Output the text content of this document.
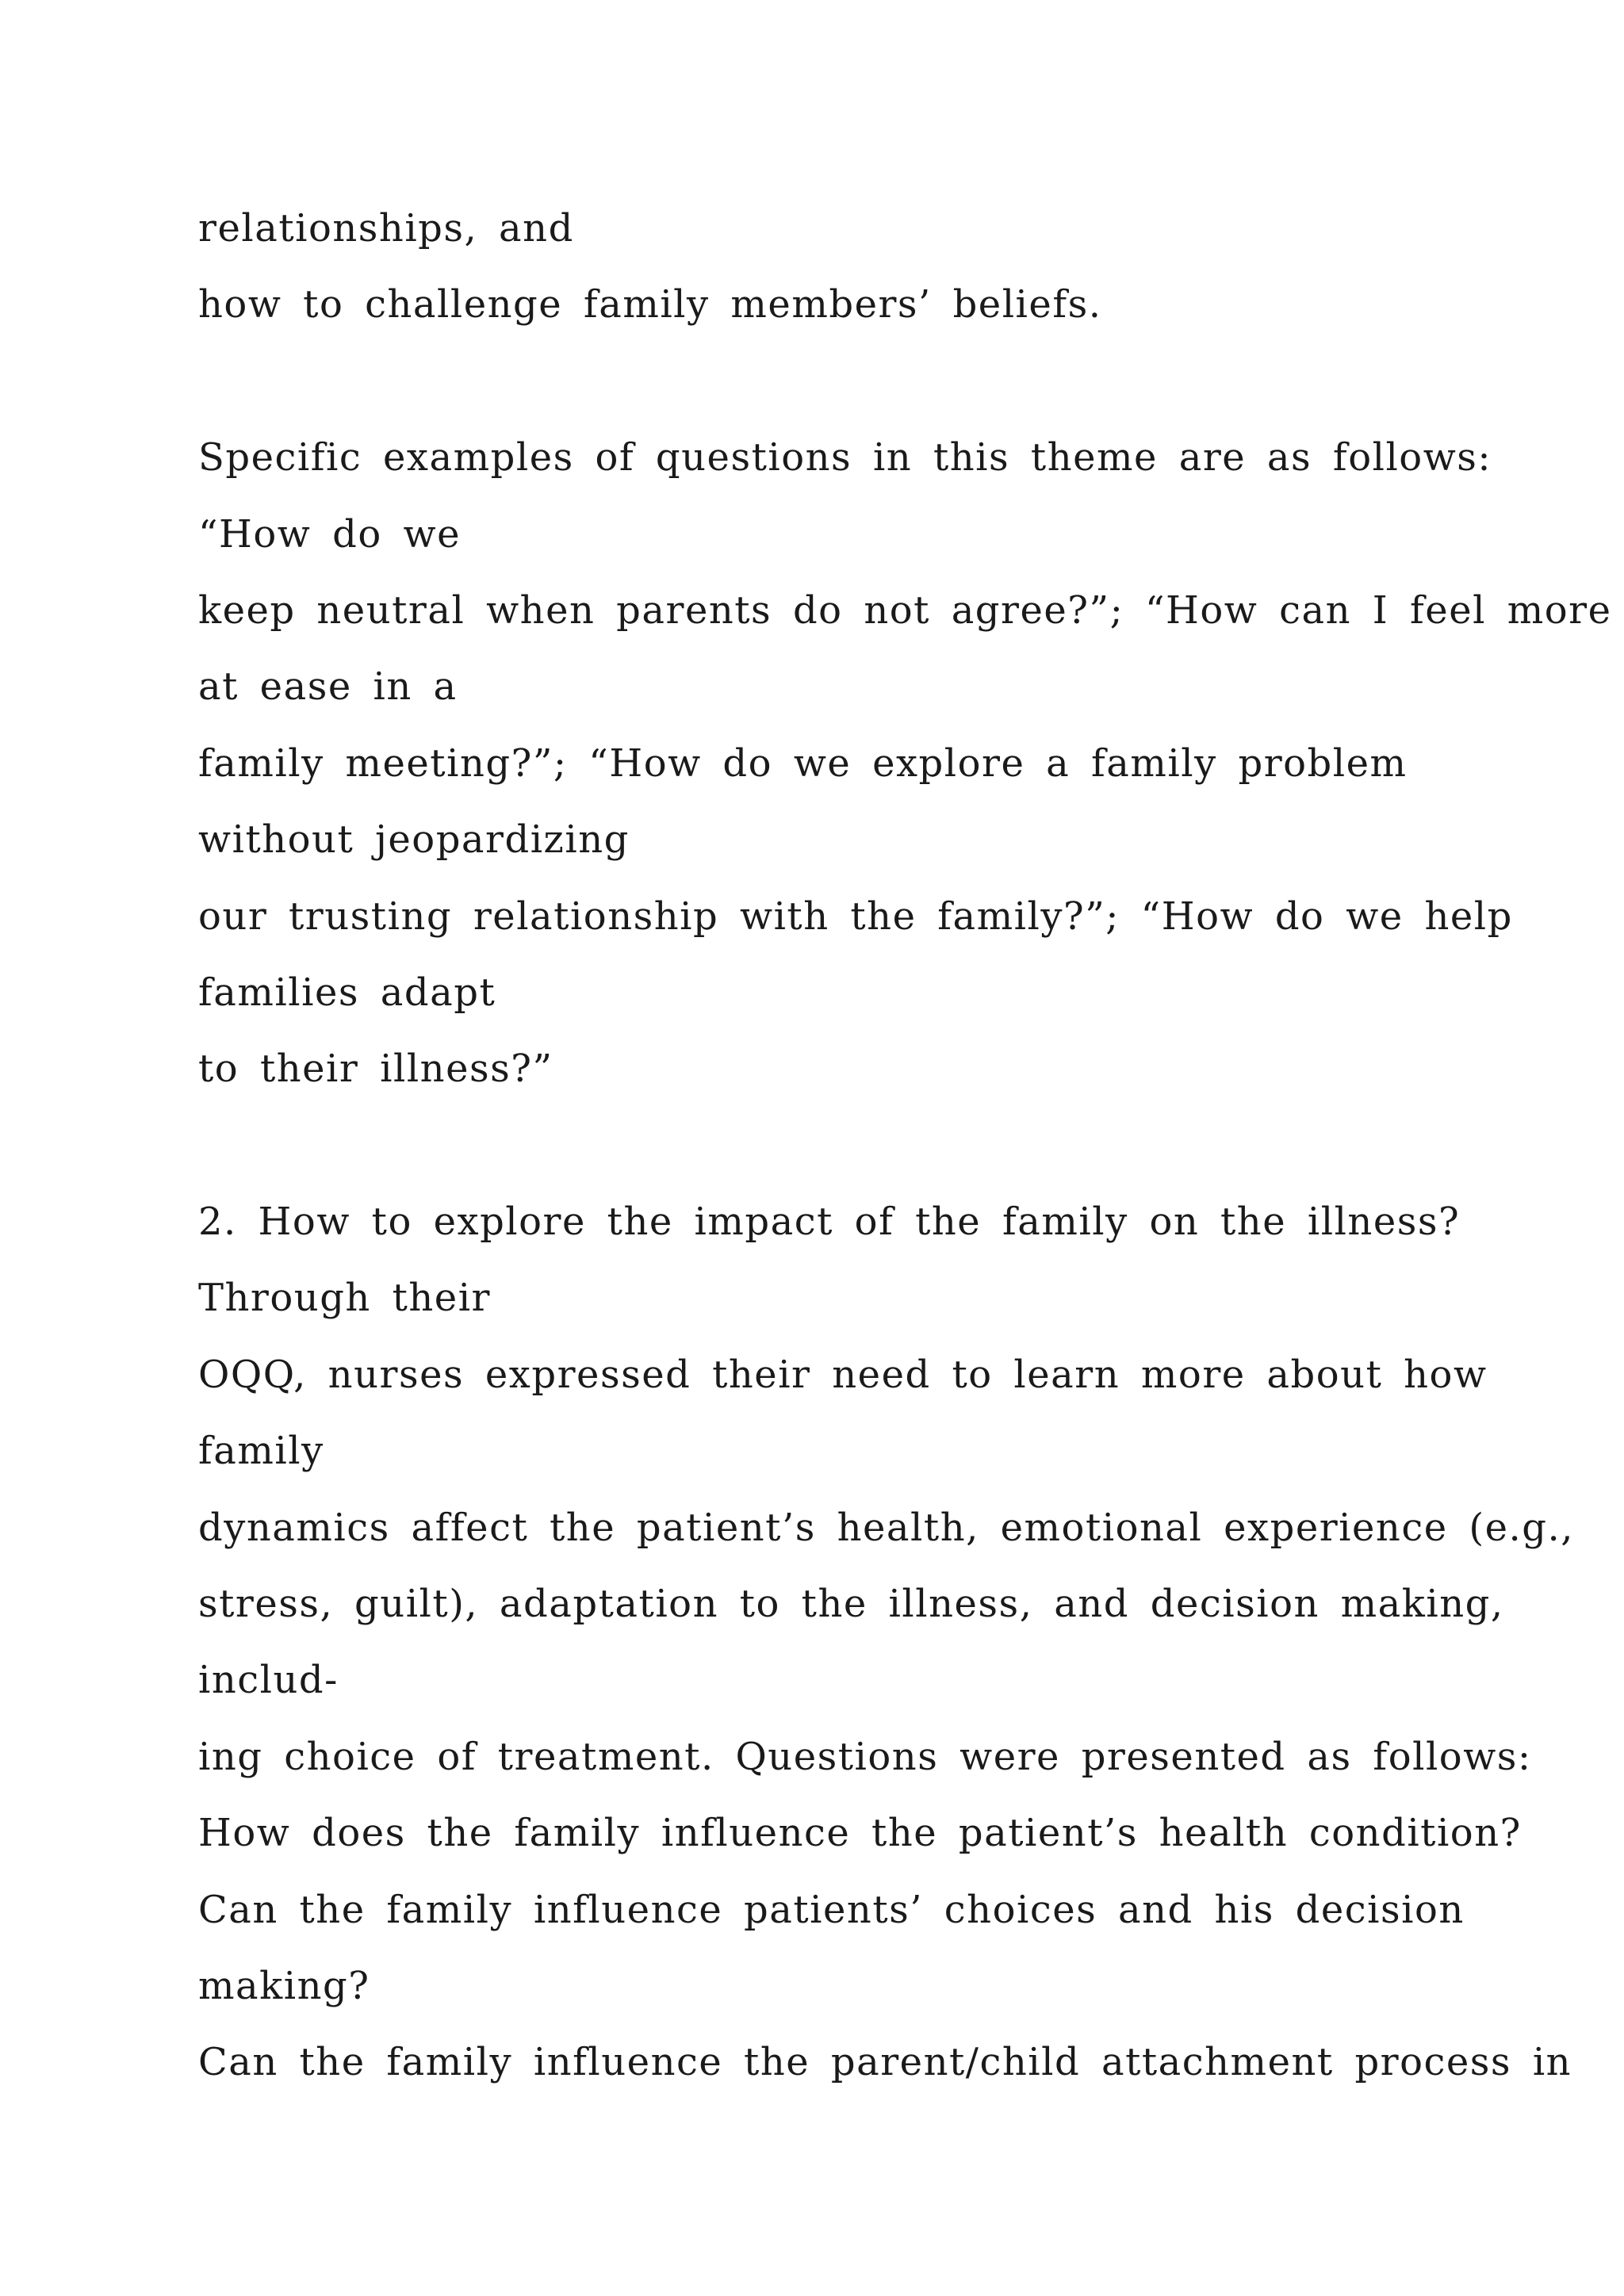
relationships, and
how to challenge family members’ beliefs.
Specific examples of questions in this theme are as follows:
“How do we
keep neutral when parents do not agree?”; “How can I feel more
at ease in a
family meeting?”; “How do we explore a family problem
without jeopardizing
our trusting relationship with the family?”; “How do we help
families adapt
to their illness?”
2. How to explore the impact of the family on the illness?
Through their
OQQ, nurses expressed their need to learn more about how
family
dynamics affect the patient’s health, emotional experience (e.g.,
stress, guilt), adaptation to the illness, and decision making,
includ-
ing choice of treatment. Questions were presented as follows:
How does the family influence the patient’s health condition?
Can the family influence patients’ choices and his decision
making?
Can the family influence the parent/child attachment process in
